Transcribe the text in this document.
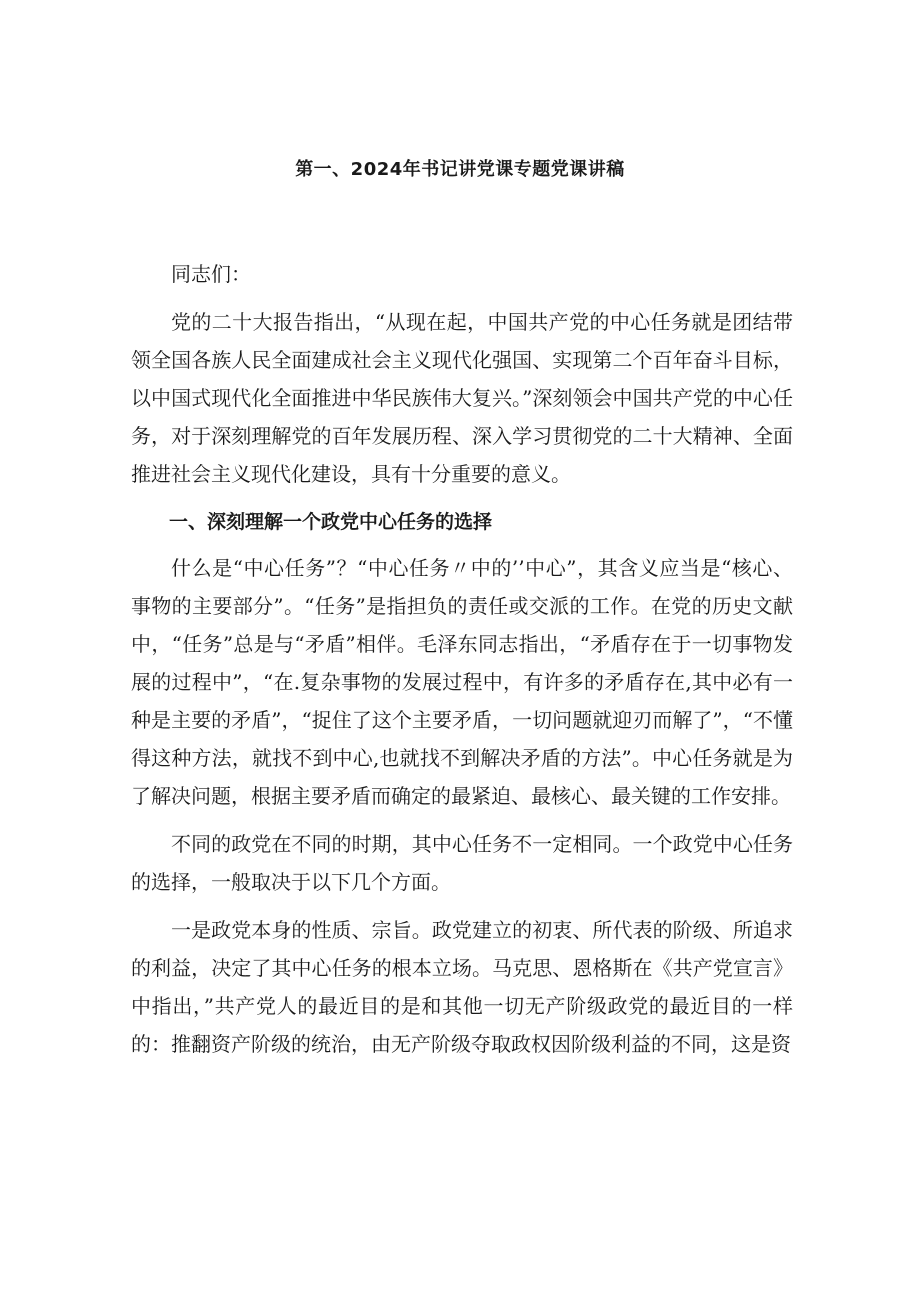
第一、2024年书记讲党课专题党课讲稿

同志们：

党的二十大报告指出，“从现在起，中国共产党的中心任务就是团结带领全国各族人民全面建成社会主义现代化强国、实现第二个百年奋斗目标，以中国式现代化全面推进中华民族伟大复兴。”深刻领会中国共产党的中心任务，对于深刻理解党的百年发展历程、深入学习贯彻党的二十大精神、全面推进社会主义现代化建设，具有十分重要的意义。

一、深刻理解一个政党中心任务的选择

什么是“中心任务”？“中心任务〃中的’’中心”，其含义应当是“核心、事物的主要部分”。“任务”是指担负的责任或交派的工作。在党的历史文献中，“任务”总是与“矛盾”相伴。毛泽东同志指出，“矛盾存在于一切事物发展的过程中”，“在.复杂事物的发展过程中，有许多的矛盾存在,其中必有一种是主要的矛盾”，“捉住了这个主要矛盾，一切问题就迎刃而解了”，“不懂得这种方法，就找不到中心,也就找不到解决矛盾的方法”。中心任务就是为了解决问题，根据主要矛盾而确定的最紧迫、最核心、最关键的工作安排。

不同的政党在不同的时期，其中心任务不一定相同。一个政党中心任务的选择，一般取决于以下几个方面。

一是政党本身的性质、宗旨。政党建立的初衷、所代表的阶级、所追求的利益，决定了其中心任务的根本立场。马克思、恩格斯在《共产党宣言》中指出，”共产党人的最近目的是和其他一切无产阶级政党的最近目的一样的：推翻资产阶级的统治，由无产阶级夺取政权因阶级利益的不同，这是资
